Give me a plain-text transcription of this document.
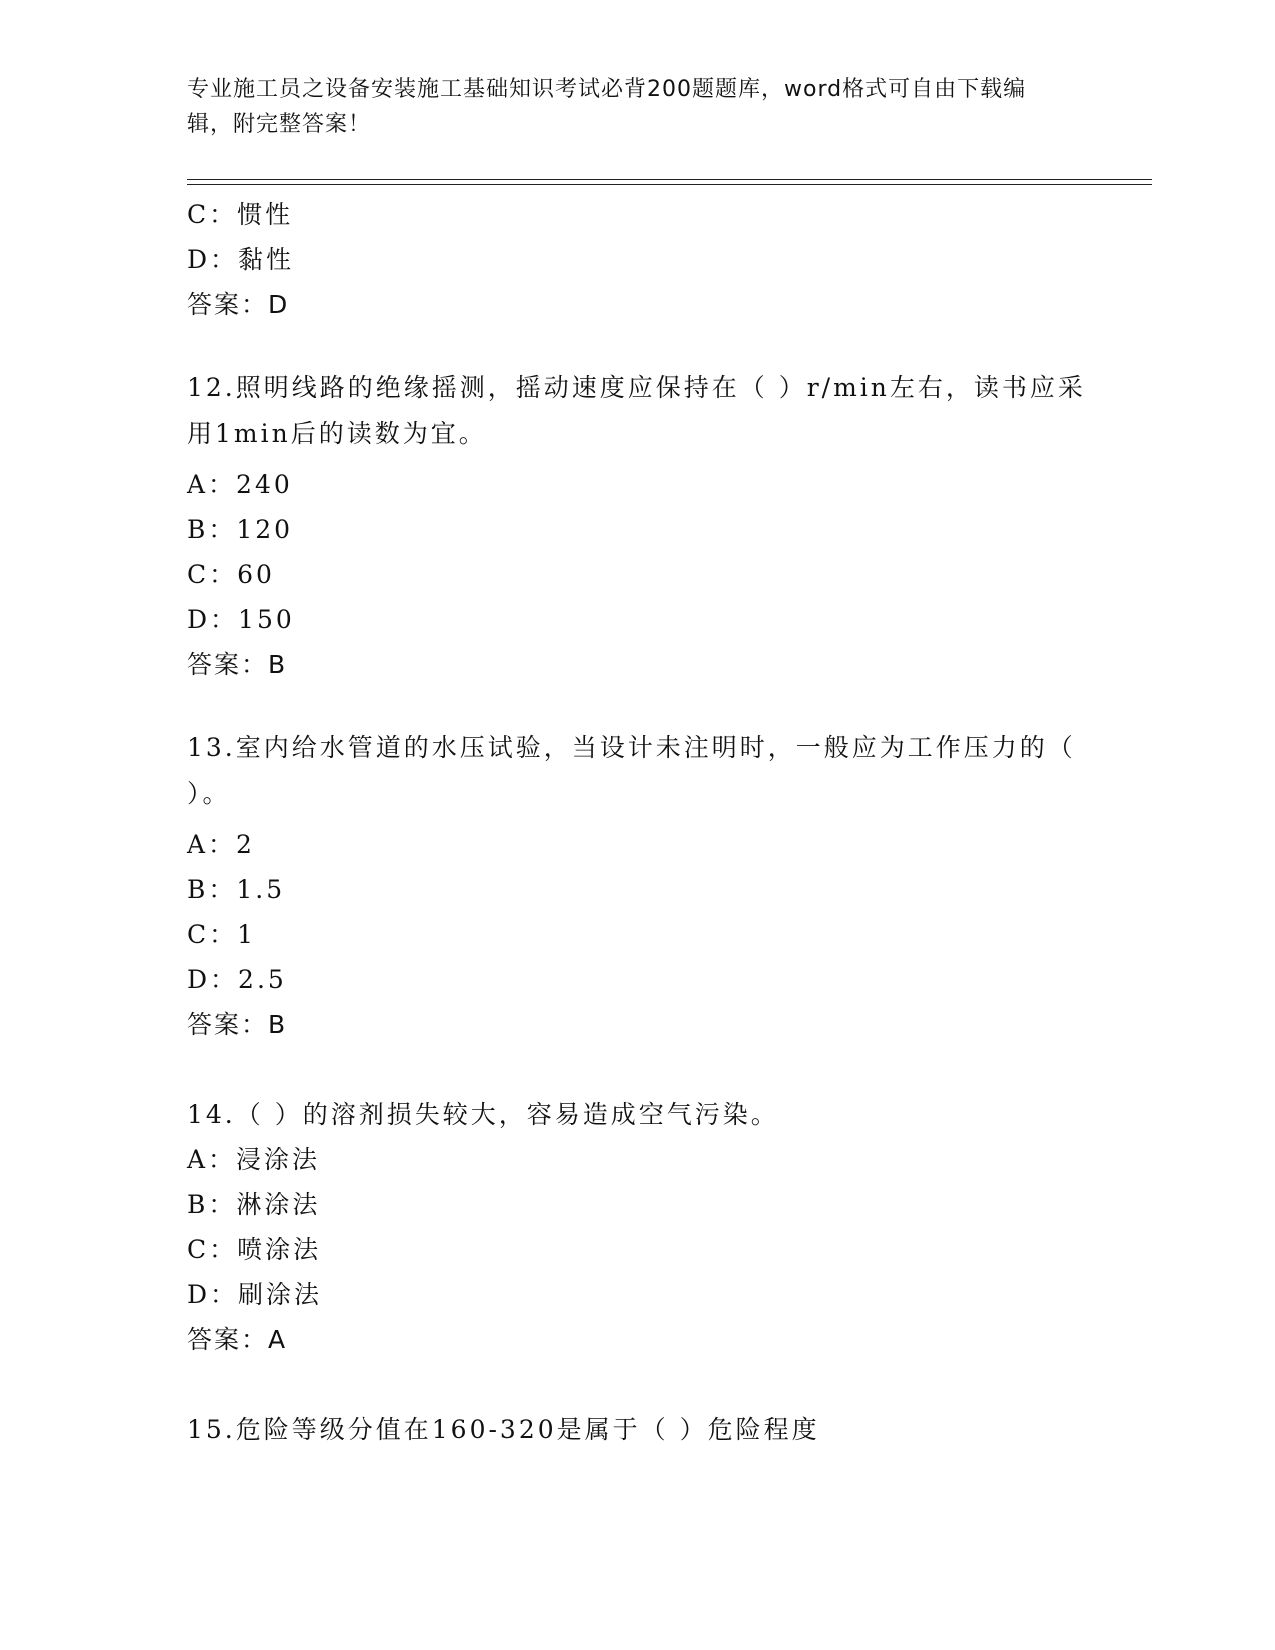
专业施工员之设备安装施工基础知识考试必背200题题库，word格式可自由下载编辑，附完整答案！
C：惯性
D：黏性
答案：D
12.照明线路的绝缘摇测，摇动速度应保持在（ ）r/min左右，读书应采用1min后的读数为宜。
A：240
B：120
C：60
D：150
答案：B
13.室内给水管道的水压试验，当设计未注明时，一般应为工作压力的（ ）。
A：2
B：1.5
C：1
D：2.5
答案：B
14.（ ）的溶剂损失较大，容易造成空气污染。
A：浸涂法
B：淋涂法
C：喷涂法
D：刷涂法
答案：A
15.危险等级分值在160-320是属于（ ）危险程度
